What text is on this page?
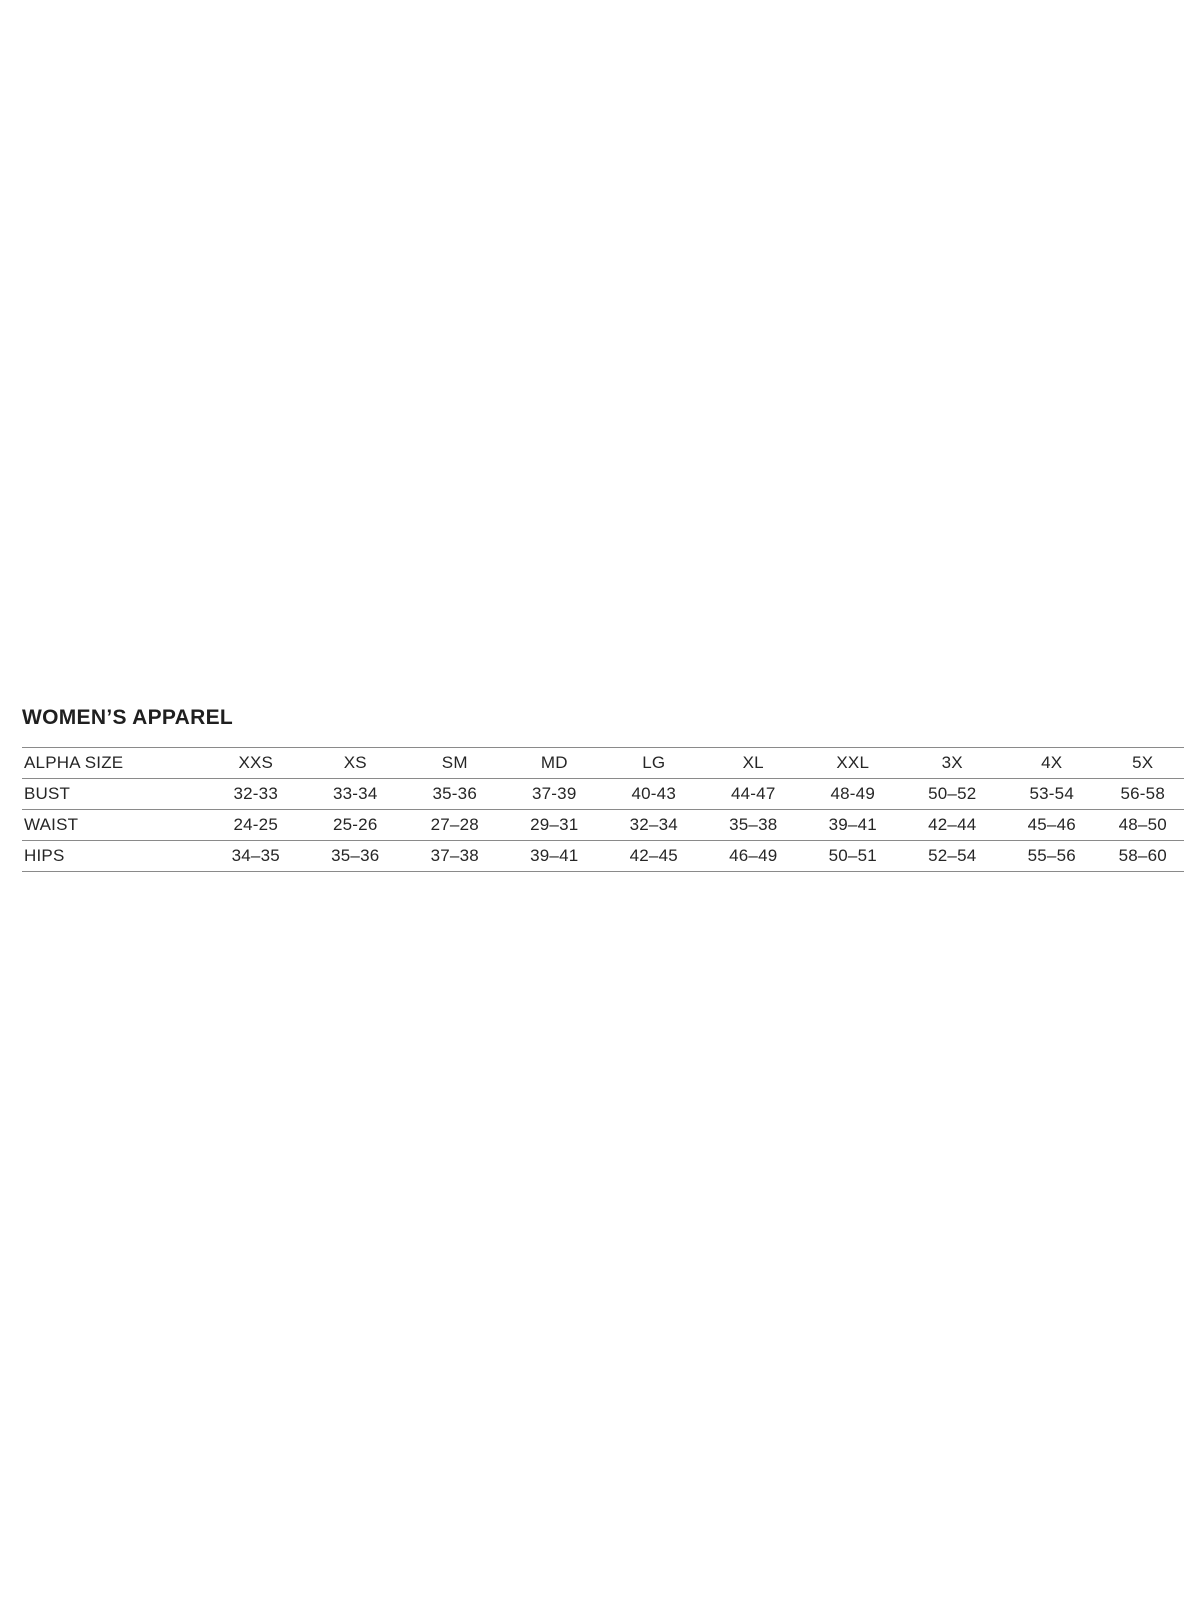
WOMEN’S APPAREL
ALPHA SIZE	XXS	XS	SM	MD	LG	XL	XXL	3X	4X	5X
BUST	32-33	33-34	35-36	37-39	40-43	44-47	48-49	50–52	53-54	56-58
WAIST	24-25	25-26	27–28	29–31	32–34	35–38	39–41	42–44	45–46	48–50
HIPS	34–35	35–36	37–38	39–41	42–45	46–49	50–51	52–54	55–56	58–60
